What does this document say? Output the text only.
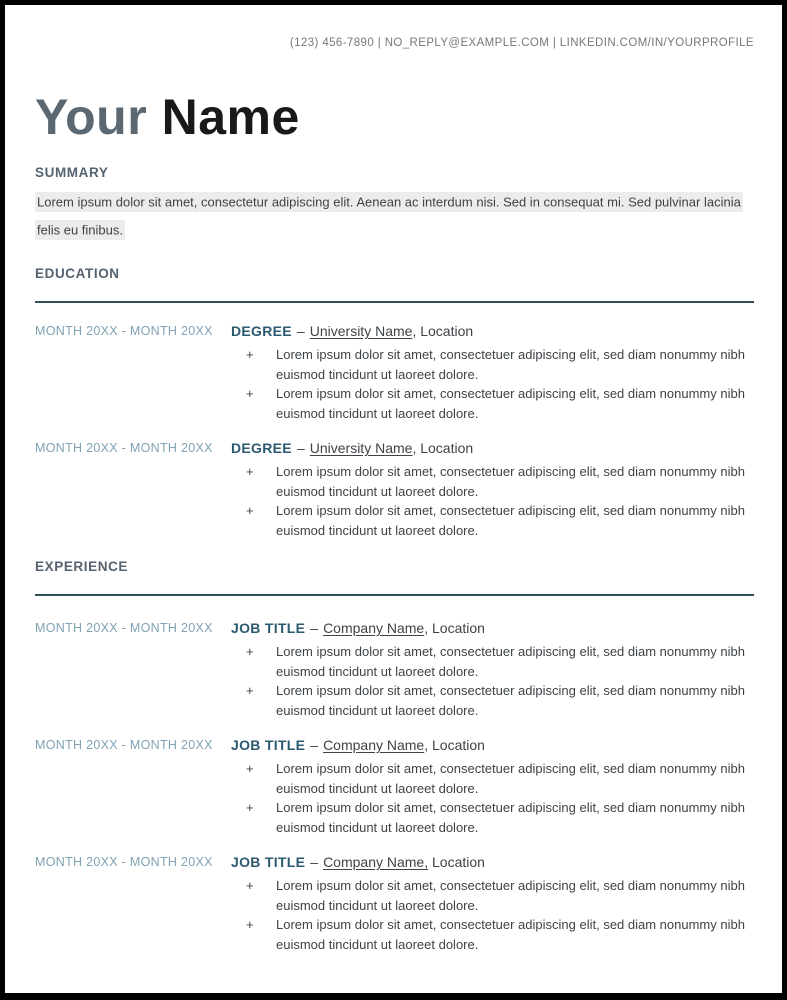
(123) 456-7890 | NO_REPLY@EXAMPLE.COM | LINKEDIN.COM/IN/YOURPROFILE
Your Name
SUMMARY

Lorem ipsum dolor sit amet, consectetur adipiscing elit. Aenean ac interdum nisi. Sed in consequat mi. Sed pulvinar lacinia felis eu finibus.

EDUCATION
MONTH 20XX - MONTH 20XX	DEGREE – University Name, Location
+	Lorem ipsum dolor sit amet, consectetuer adipiscing elit, sed diam nonummy nibh euismod tincidunt ut laoreet dolore.
+	Lorem ipsum dolor sit amet, consectetuer adipiscing elit, sed diam nonummy nibh euismod tincidunt ut laoreet dolore.
MONTH 20XX - MONTH 20XX	DEGREE – University Name, Location
+	Lorem ipsum dolor sit amet, consectetuer adipiscing elit, sed diam nonummy nibh euismod tincidunt ut laoreet dolore.
+	Lorem ipsum dolor sit amet, consectetuer adipiscing elit, sed diam nonummy nibh euismod tincidunt ut laoreet dolore.
EXPERIENCE
MONTH 20XX - MONTH 20XX	JOB TITLE – Company Name, Location
+	Lorem ipsum dolor sit amet, consectetuer adipiscing elit, sed diam nonummy nibh euismod tincidunt ut laoreet dolore.
+	Lorem ipsum dolor sit amet, consectetuer adipiscing elit, sed diam nonummy nibh euismod tincidunt ut laoreet dolore.
MONTH 20XX - MONTH 20XX	JOB TITLE – Company Name, Location
+	Lorem ipsum dolor sit amet, consectetuer adipiscing elit, sed diam nonummy nibh euismod tincidunt ut laoreet dolore.
+	Lorem ipsum dolor sit amet, consectetuer adipiscing elit, sed diam nonummy nibh euismod tincidunt ut laoreet dolore.
MONTH 20XX - MONTH 20XX	JOB TITLE – Company Name, Location
+	Lorem ipsum dolor sit amet, consectetuer adipiscing elit, sed diam nonummy nibh euismod tincidunt ut laoreet dolore.
+	Lorem ipsum dolor sit amet, consectetuer adipiscing elit, sed diam nonummy nibh euismod tincidunt ut laoreet dolore.
